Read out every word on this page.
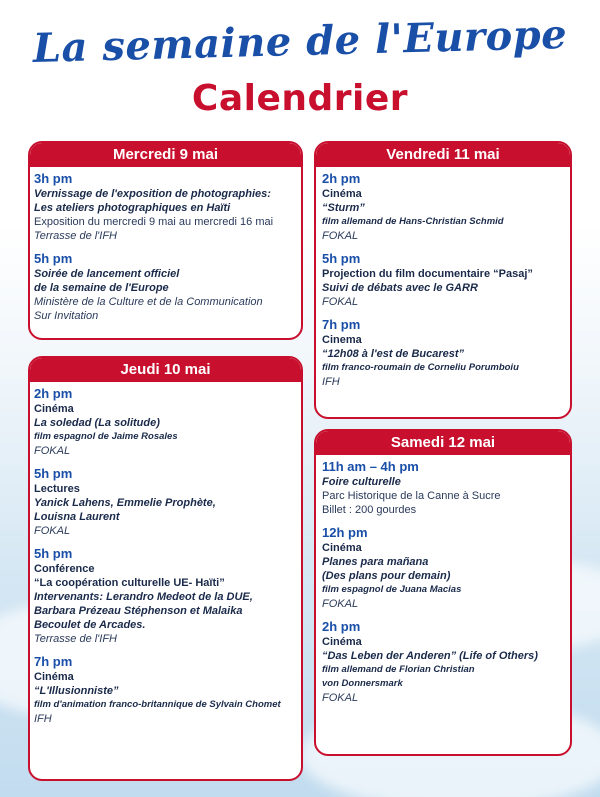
La semaine de l'Europe
Calendrier
Mercredi 9 mai
3h pm
Vernissage de l'exposition de photographies:
Les ateliers photographiques en Haïti
Exposition du mercredi 9 mai au mercredi 16 mai
Terrasse de l'IFH
5h pm
Soirée de lancement officiel
de la semaine de l'Europe
Ministère de la Culture et de la Communication
Sur Invitation
Jeudi 10 mai
2h pm
Cinéma
La soledad (La solitude)
film espagnol de Jaime Rosales
FOKAL
5h pm
Lectures
Yanick Lahens, Emmelie Prophète,
Louisna Laurent
FOKAL
5h pm
Conférence
“La coopération culturelle UE- Haïti”
Intervenants: Lerandro Medeot de la DUE,
Barbara Prézeau Stéphenson et Malaika
Becoulet de Arcades.
Terrasse de l'IFH
7h pm
Cinéma
“L'Illusionniste”
film d'animation franco-britannique de Sylvain Chomet
IFH
Vendredi 11 mai
2h pm
Cinéma
“Sturm”
film allemand de Hans-Christian Schmid
FOKAL
5h pm
Projection du film documentaire “Pasaj”
Suivi de débats avec le GARR
FOKAL
7h pm
Cinema
“12h08 à l'est de Bucarest”
film franco-roumain de Corneliu Porumboiu
IFH
Samedi 12 mai
11h am – 4h pm
Foire culturelle
Parc Historique de la Canne à Sucre
Billet : 200 gourdes
12h pm
Cinéma
Planes para mañana
(Des plans pour demain)
film espagnol de Juana Macias
FOKAL
2h pm
Cinéma
“Das Leben der Anderen” (Life of Others)
film allemand de Florian Christian
von Donnersmark
FOKAL
